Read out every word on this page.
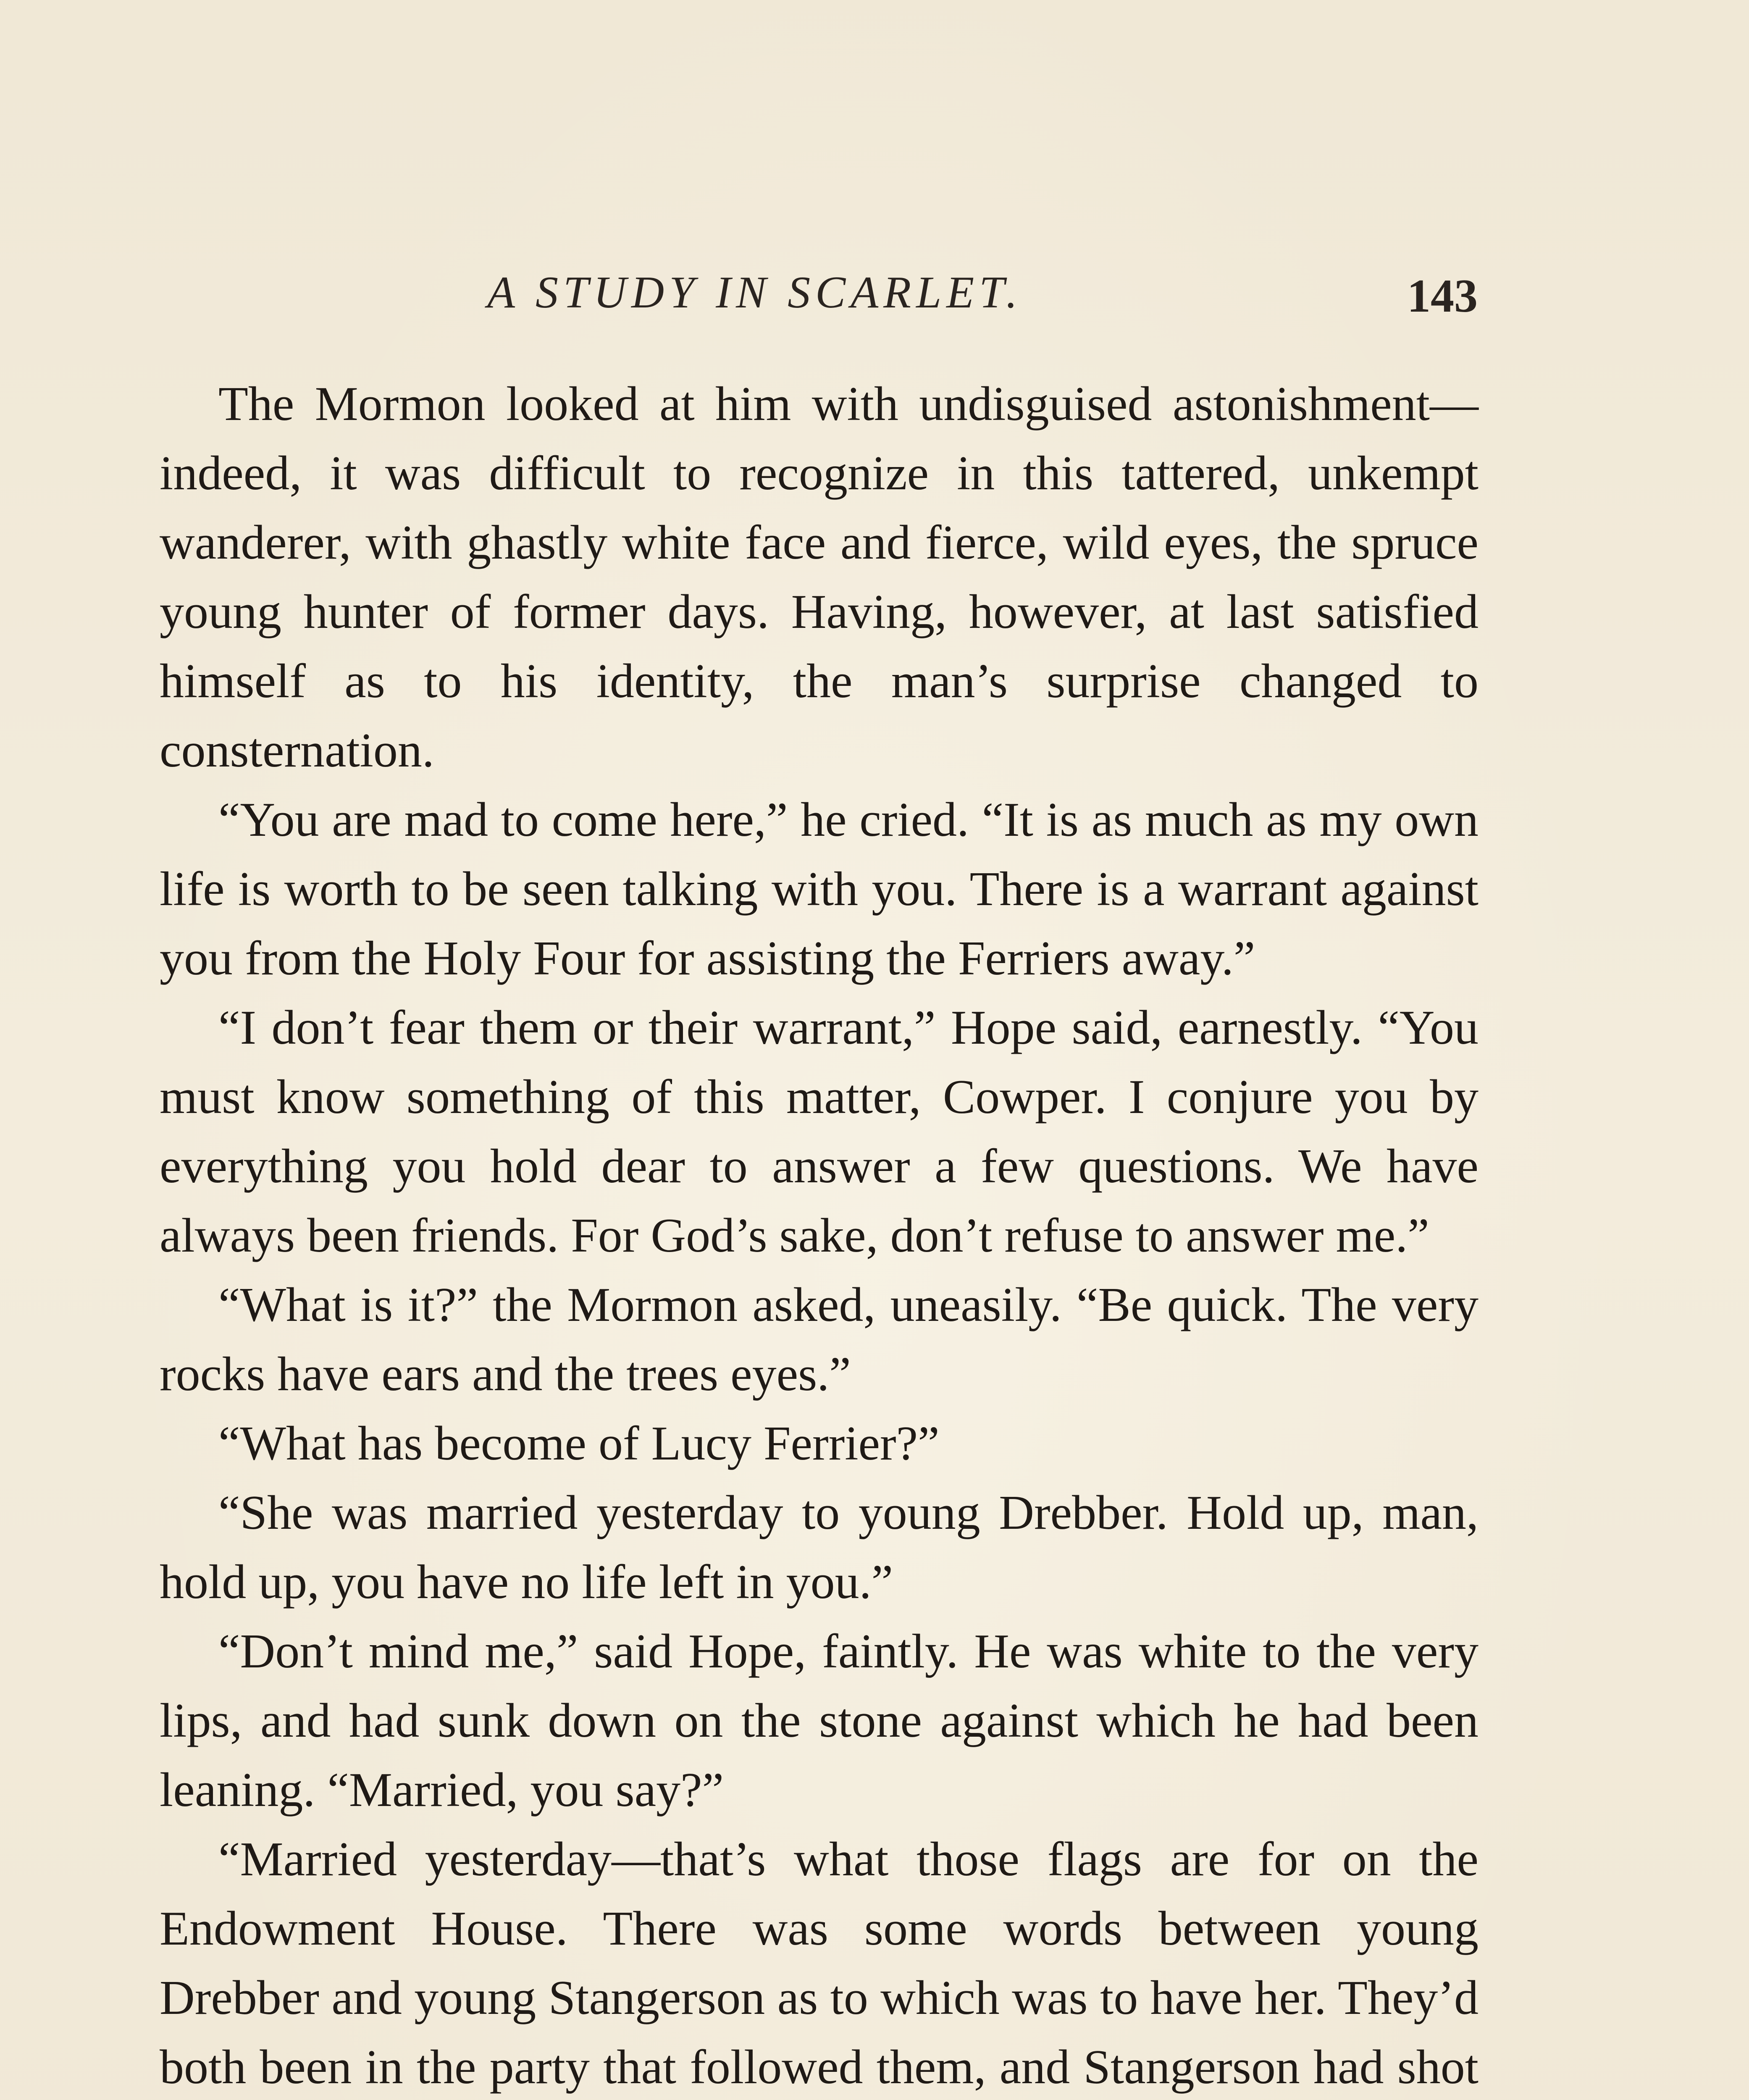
A STUDY IN SCARLET.	143

The Mormon looked at him with undisguised astonishment—indeed, it was difficult to recognize in this tattered, unkempt wanderer, with ghastly white face and fierce, wild eyes, the spruce young hunter of former days. Having, however, at last satisfied himself as to his identity, the man’s surprise changed to consternation.

“You are mad to come here,” he cried. “It is as much as my own life is worth to be seen talking with you. There is a warrant against you from the Holy Four for assisting the Ferriers away.”

“I don’t fear them or their warrant,” Hope said, earnestly. “You must know something of this matter, Cowper. I conjure you by everything you hold dear to answer a few questions. We have always been friends. For God’s sake, don’t refuse to answer me.”

“What is it?” the Mormon asked, uneasily. “Be quick. The very rocks have ears and the trees eyes.”

“What has become of Lucy Ferrier?”

“She was married yesterday to young Drebber. Hold up, man, hold up, you have no life left in you.”

“Don’t mind me,” said Hope, faintly. He was white to the very lips, and had sunk down on the stone against which he had been leaning. “Married, you say?”

“Married yesterday—that’s what those flags are for on the Endowment House. There was some words between young Drebber and young Stangerson as to which was to have her. They’d both been in the party that followed them, and Stangerson had shot
